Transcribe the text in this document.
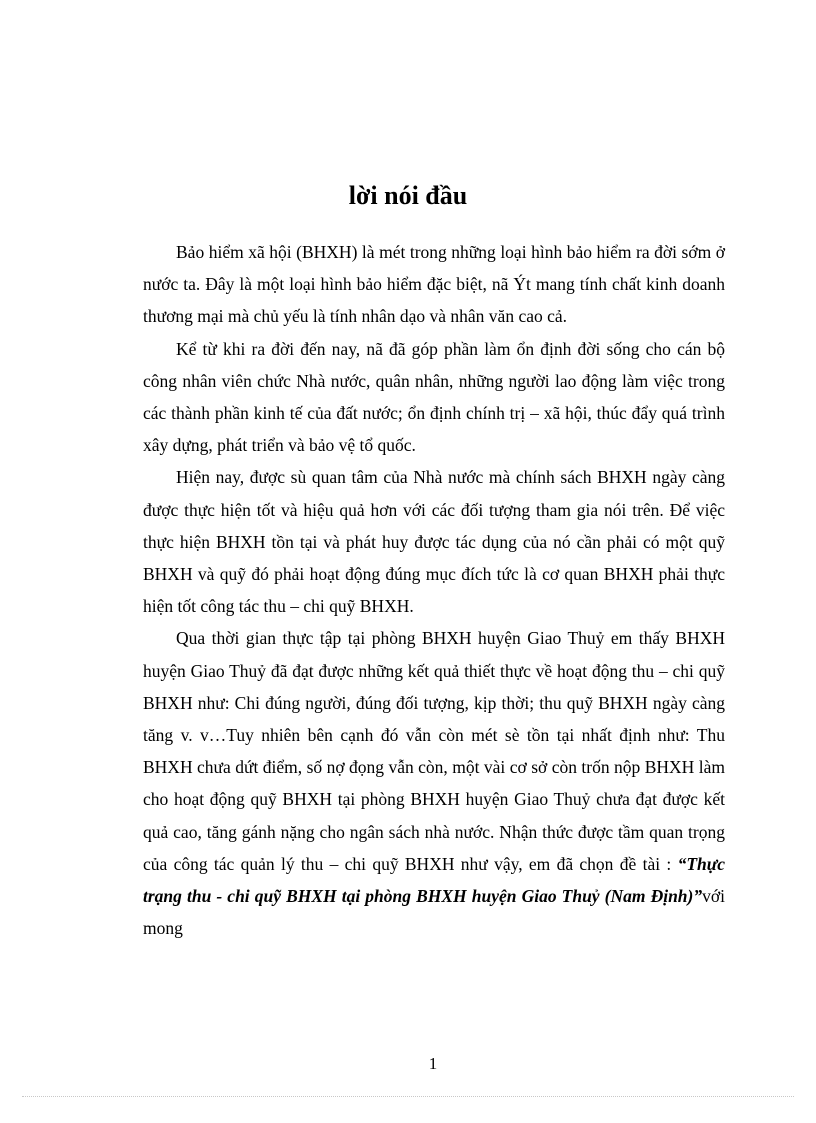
lời nói đầu

Bảo hiểm xã hội (BHXH) là mét trong những loại hình bảo hiểm ra đời sớm ở nước ta. Đây là một loại hình bảo hiểm đặc biệt, nã Ýt mang tính chất kinh doanh thương mại mà chủ yếu là tính nhân dạo và nhân văn cao cả.

Kể từ khi ra đời đến nay, nã đã góp phần làm ổn định đời sống cho cán bộ công nhân viên chức Nhà nước, quân nhân, những người lao động làm việc trong các thành phần kinh tế của đất nước; ổn định chính trị – xã hội, thúc đẩy quá trình xây dựng, phát triển và bảo vệ tổ quốc.

Hiện nay, được sù quan tâm của Nhà nước mà chính sách BHXH ngày càng được thực hiện tốt và hiệu quả hơn với các đối tượng tham gia nói trên. Để việc thực hiện BHXH tồn tại và phát huy được tác dụng của nó cần phải có một quỹ BHXH và quỹ đó phải hoạt động đúng mục đích tức là cơ quan BHXH phải thực hiện tốt công tác thu – chi quỹ BHXH.

Qua thời gian thực tập tại phòng BHXH huyện Giao Thuỷ em thấy BHXH huyện Giao Thuỷ đã đạt được những kết quả thiết thực về hoạt động thu – chi quỹ BHXH như: Chi đúng người, đúng đối tượng, kịp thời; thu quỹ BHXH ngày càng tăng v. v…Tuy nhiên bên cạnh đó vẫn còn mét sè tồn tại nhất định như: Thu BHXH chưa dứt điểm, số nợ đọng vẫn còn, một vài cơ sở còn trốn nộp BHXH làm cho hoạt động quỹ BHXH tại phòng BHXH huyện Giao Thuỷ chưa đạt được kết quả cao, tăng gánh nặng cho ngân sách nhà nước. Nhận thức được tầm quan trọng của công tác quản lý thu – chi quỹ BHXH như vậy, em đã chọn đề tài : “Thực trạng thu - chi quỹ BHXH tại phòng BHXH huyện Giao Thuỷ (Nam Định)”với mong

1
